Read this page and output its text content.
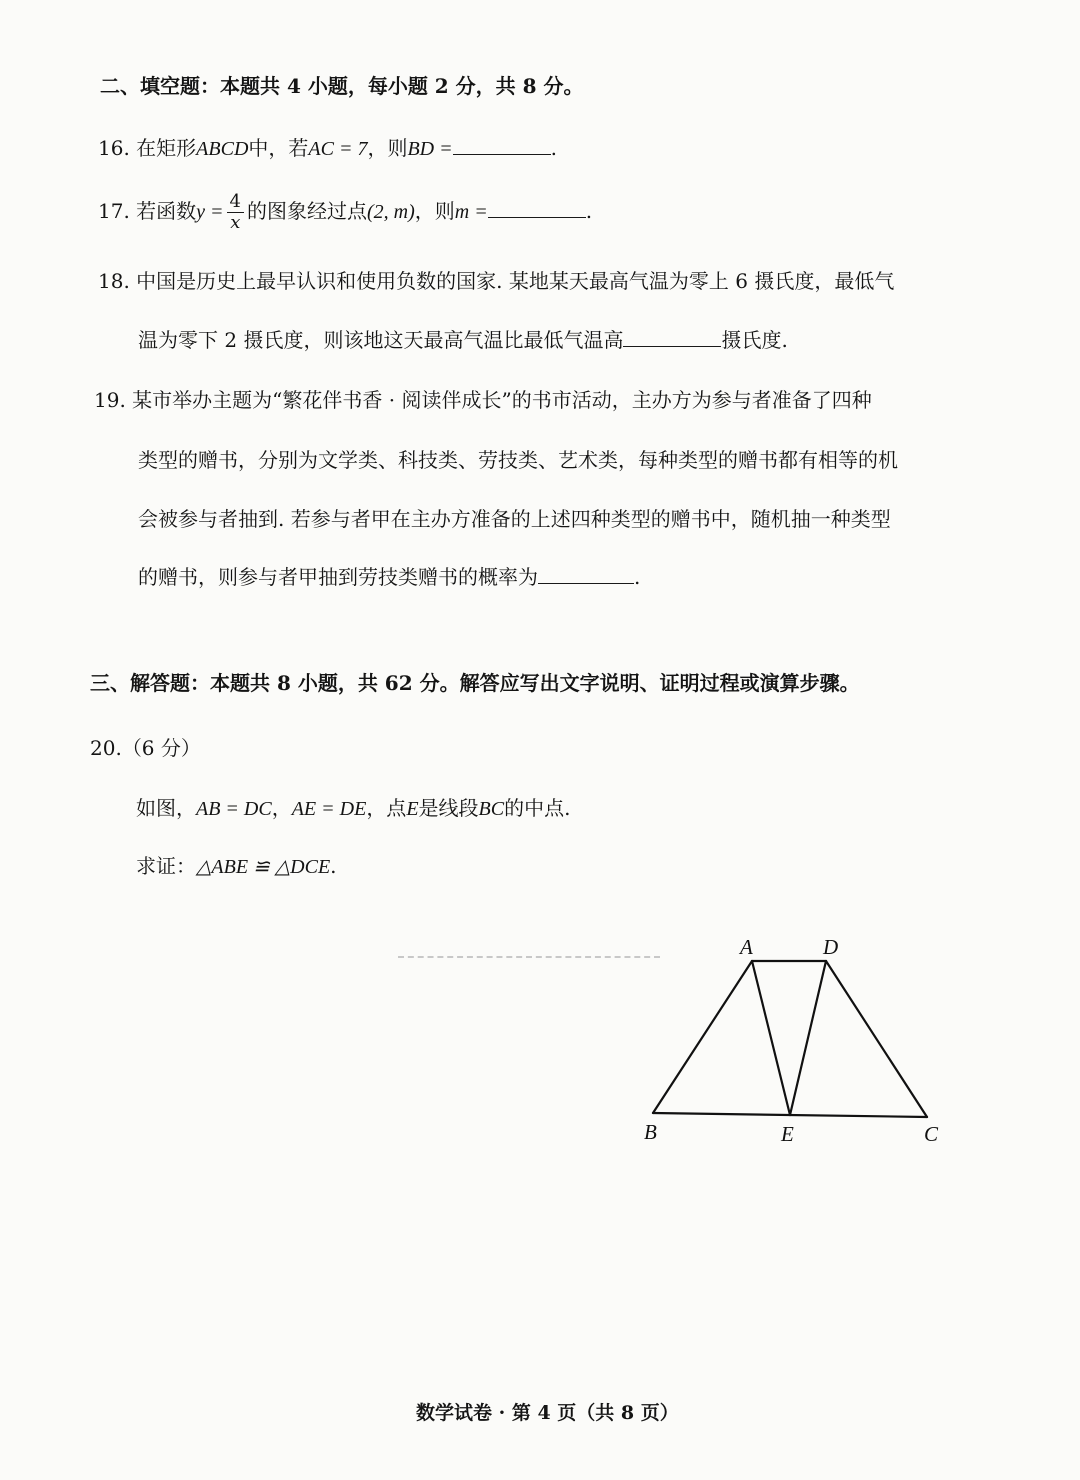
二、填空题：本题共 4 小题，每小题 2 分，共 8 分。
16. 在矩形ABCD中，若AC = 7，则BD =	.
17. 若函数$y = \frac{4}{x}$ 的图象经过点(2, m)，则m =	.
18. 中国是历史上最早认识和使用负数的国家. 某地某天最高气温为零上 6 摄氏度，最低气
温为零下 2 摄氏度，则该地这天最高气温比最低气温高	摄氏度.
19. 某市举办主题为“繁花伴书香 · 阅读伴成长”的书市活动，主办方为参与者准备了四种
类型的赠书，分别为文学类、科技类、劳技类、艺术类，每种类型的赠书都有相等的机
会被参与者抽到. 若参与者甲在主办方准备的上述四种类型的赠书中，随机抽一种类型
的赠书，则参与者甲抽到劳技类赠书的概率为	.
三、解答题：本题共 8 小题，共 62 分。解答应写出文字说明、证明过程或演算步骤。
20.（6 分）
如图，AB = DC，AE = DE，点E是线段BC的中点.
求证：△ABE ≌ △DCE.
A	D
B	E	C
数学试卷 · 第 4 页（共 8 页）
